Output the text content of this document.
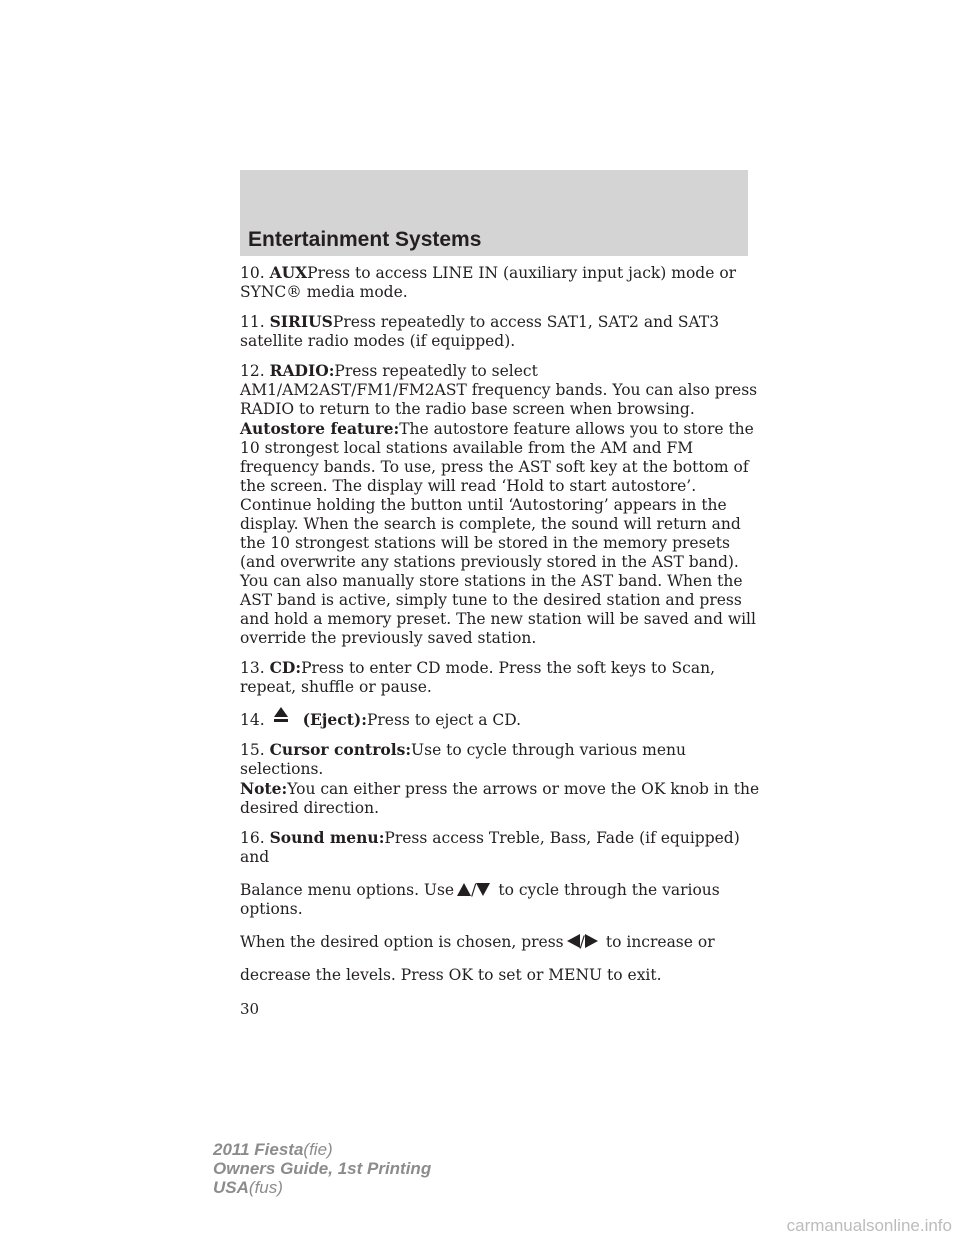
Entertainment Systems

10. AUXPress to access LINE IN (auxiliary input jack) mode or SYNC® media mode.

11. SIRIUSPress repeatedly to access SAT1, SAT2 and SAT3 satellite radio modes (if equipped).

12. RADIO:Press repeatedly to select AM1/AM2AST/FM1/FM2AST frequency bands. You can also press RADIO to return to the radio base screen when browsing.

Autostore feature:The autostore feature allows you to store the 10 strongest local stations available from the AM and FM frequency bands. To use, press the AST soft key at the bottom of the screen. The display will read ‘Hold to start autostore’. Continue holding the button until ‘Autostoring’ appears in the display. When the search is complete, the sound will return and the 10 strongest stations will be stored in the memory presets (and overwrite any stations previously stored in the AST band). You can also manually store stations in the AST band. When the AST band is active, simply tune to the desired station and press and hold a memory preset. The new station will be saved and will override the previously saved station.

13. CD:Press to enter CD mode. Press the soft keys to Scan, repeat, shuffle or pause.

14. (Eject):Press to eject a CD.

15. Cursor controls:Use to cycle through various menu selections.

Note:You can either press the arrows or move the OK knob in the desired direction.

16. Sound menu:Press access Treble, Bass, Fade (if equipped) and

Balance menu options. Use / to cycle through the various options.

When the desired option is chosen, press / to increase or

decrease the levels. Press OK to set or MENU to exit.

30
2011 Fiesta(fie)
Owners Guide, 1st Printing
USA(fus)
carmanualsonline.info
